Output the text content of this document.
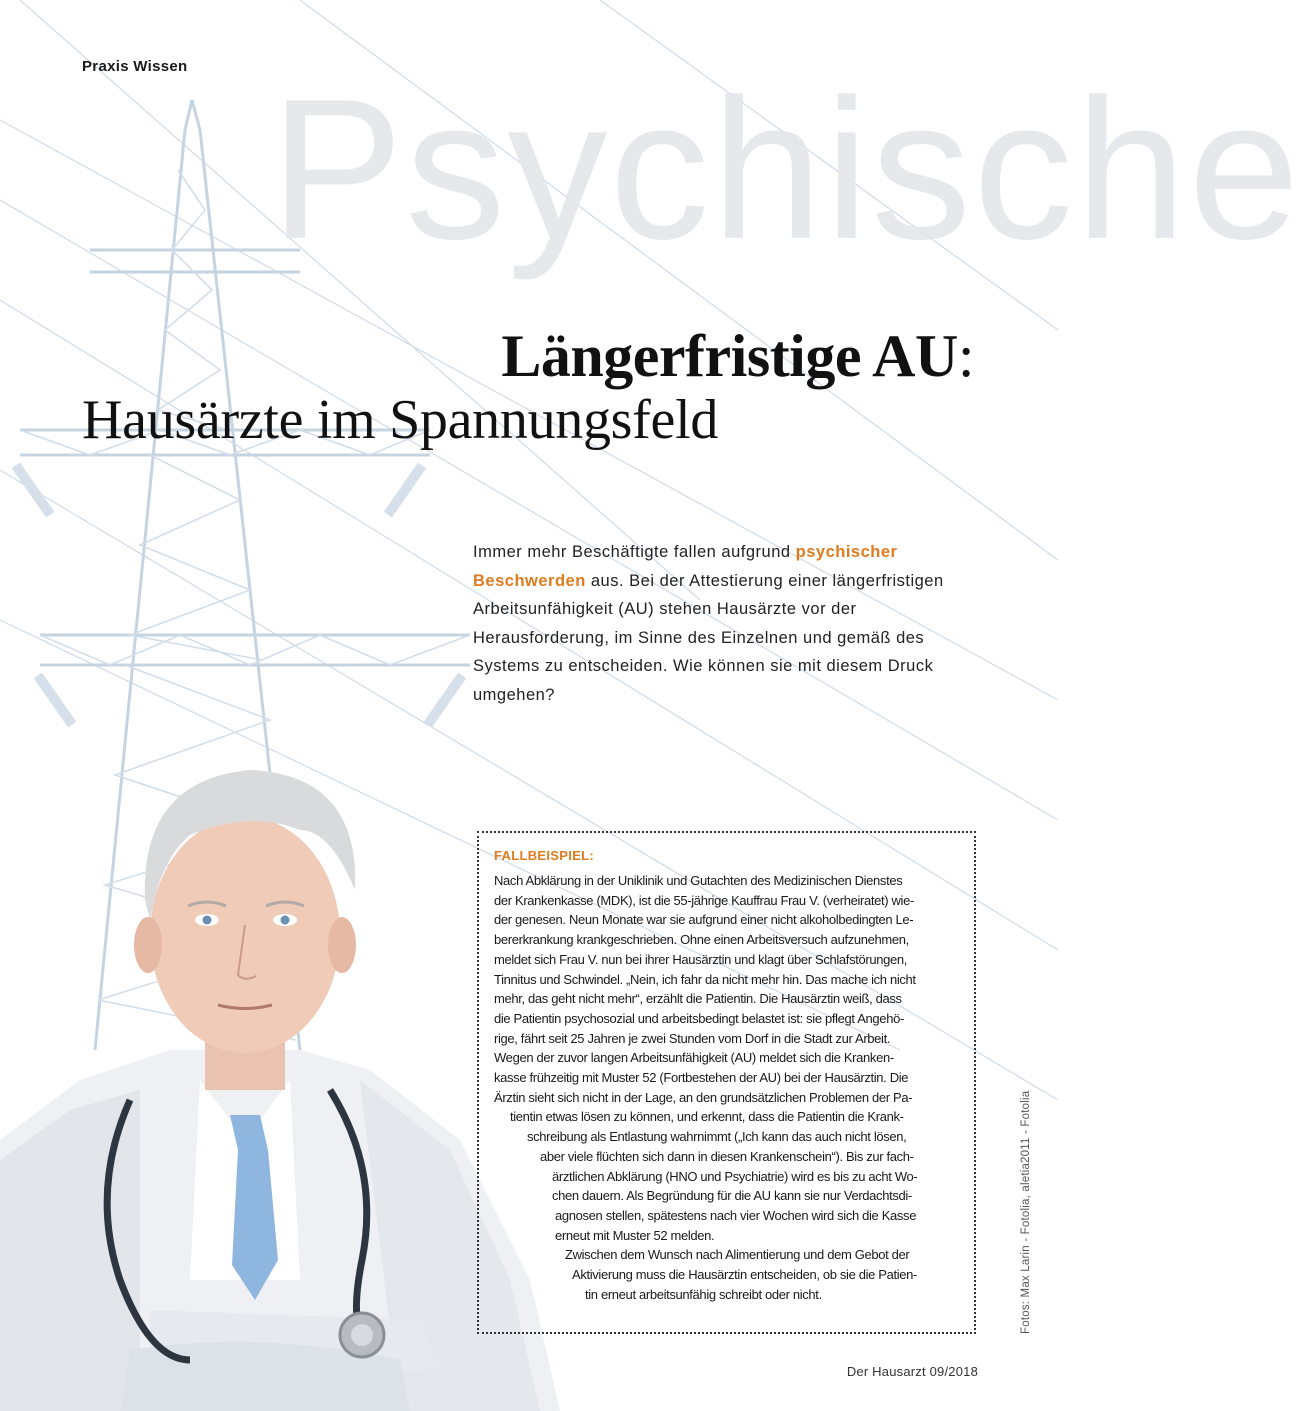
Praxis Wissen Psychische
Längerfristige AU:
Hausärzte im Spannungsfeld
Immer mehr Beschäftigte fallen aufgrund psychischer Beschwerden aus. Bei der Attestierung einer längerfristigen Arbeitsunfähigkeit (AU) stehen Hausärzte vor der Herausforderung, im Sinne des Einzelnen und gemäß des Systems zu entscheiden. Wie können sie mit diesem Druck umgehen?
FALLBEISPIEL:
Nach Abklärung in der Uniklinik und Gutachten des Medizinischen Dienstes
der Krankenkasse (MDK), ist die 55-jährige Kauffrau Frau V. (verheiratet) wie-
der genesen. Neun Monate war sie aufgrund einer nicht alkoholbedingten Le-
bererkrankung krankgeschrieben. Ohne einen Arbeitsversuch aufzunehmen,
meldet sich Frau V. nun bei ihrer Hausärztin und klagt über Schlafstörungen,
Tinnitus und Schwindel. „Nein, ich fahr da nicht mehr hin. Das mache ich nicht
mehr, das geht nicht mehr“, erzählt die Patientin. Die Hausärztin weiß, dass
die Patientin psychosozial und arbeitsbedingt belastet ist: sie pflegt Angehö-
rige, fährt seit 25 Jahren je zwei Stunden vom Dorf in die Stadt zur Arbeit.
Wegen der zuvor langen Arbeitsunfähigkeit (AU) meldet sich die Kranken-
kasse frühzeitig mit Muster 52 (Fortbestehen der AU) bei der Hausärztin. Die
Ärztin sieht sich nicht in der Lage, an den grundsätzlichen Problemen der Pa-
tientin etwas lösen zu können, und erkennt, dass die Patientin die Krank-
schreibung als Entlastung wahrnimmt („Ich kann das auch nicht lösen,
aber viele flüchten sich dann in diesen Krankenschein“). Bis zur fach-
ärztlichen Abklärung (HNO und Psychiatrie) wird es bis zu acht Wo-
chen dauern. Als Begründung für die AU kann sie nur Verdachtsdi-
agnosen stellen, spätestens nach vier Wochen wird sich die Kasse
erneut mit Muster 52 melden.
Zwischen dem Wunsch nach Alimentierung und dem Gebot der
Aktivierung muss die Hausärztin entscheiden, ob sie die Patien-
tin erneut arbeitsunfähig schreibt oder nicht.
Der Hausarzt 09/2018
Fotos: Max Larin - Fotolia, aletia2011 - Fotolia
